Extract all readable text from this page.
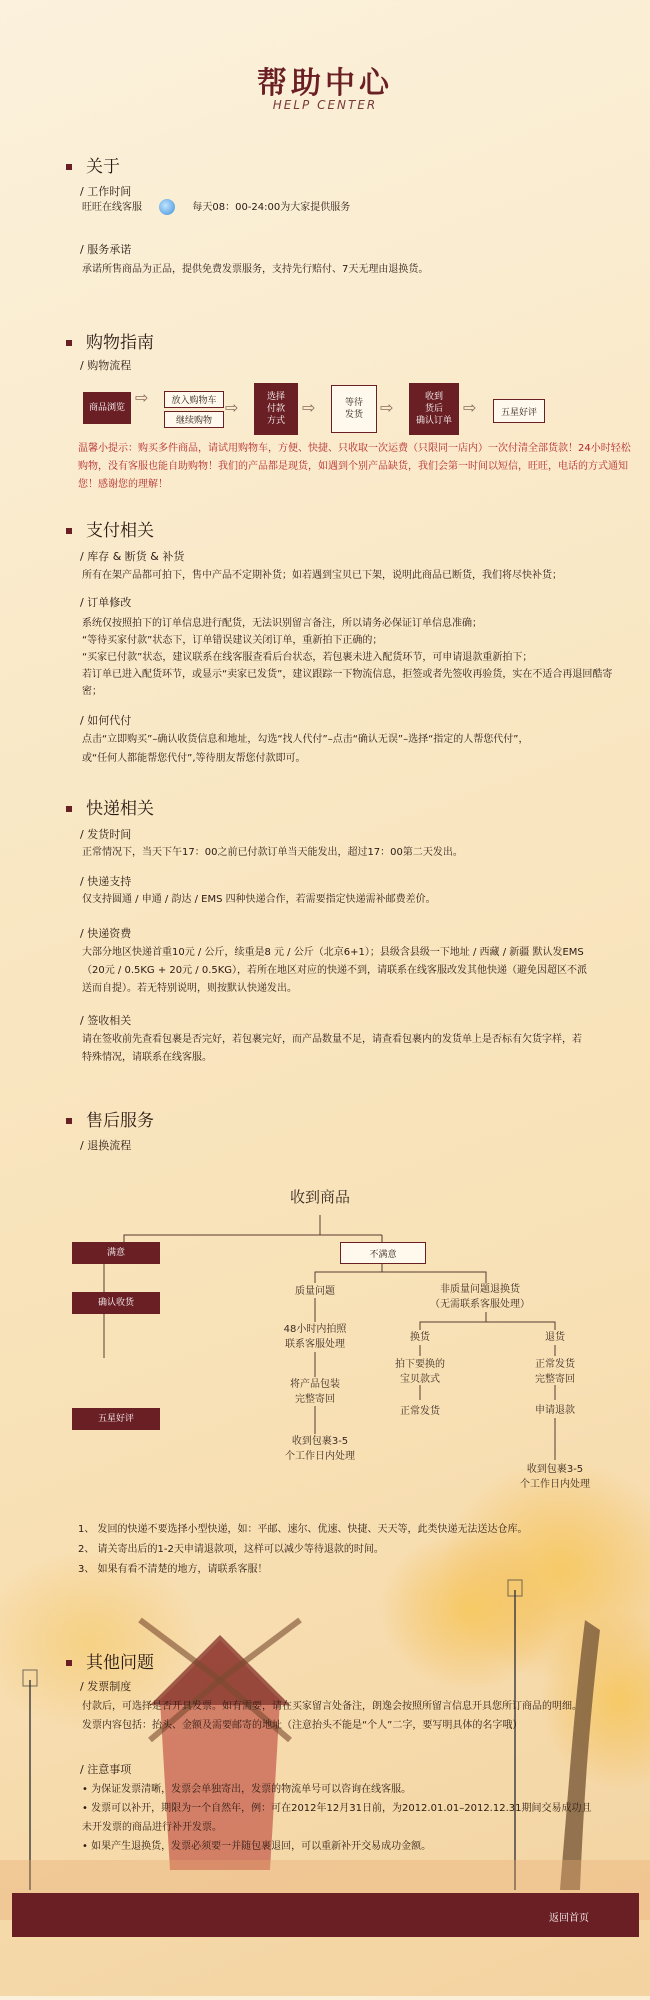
帮助中心
HELP CENTER
关于
/ 工作时间
旺旺在线客服	每天08：00-24:00为大家提供服务
/ 服务承诺
承诺所售商品为正品，提供免费发票服务，支持先行赔付、7天无理由退换货。
购物指南
/ 购物流程
商品浏览
⇨	放入购物车
继续购物
⇨
选择
付款
方式
⇨	等待
发货	⇨
收到
货后
确认订单
⇨	五星好评
温馨小提示：购买多件商品，请试用购物车，方便、快捷、只收取一次运费（只限同一店内）一次付清全部货款！24小时轻松购物，没有客服也能自助购物！我们的产品都是现货，如遇到个别产品缺货，我们会第一时间以短信，旺旺，电话的方式通知您！感谢您的理解！
支付相关
/ 库存 & 断货 & 补货
所有在架产品都可拍下，售中产品不定期补货；如若遇到宝贝已下架，说明此商品已断货，我们将尽快补货；
/ 订单修改
系统仅按照拍下的订单信息进行配货，无法识别留言备注，所以请务必保证订单信息准确；
“等待买家付款”状态下，订单错误建议关闭订单，重新拍下正确的；
“买家已付款”状态，建议联系在线客服查看后台状态，若包裹未进入配货环节，可申请退款重新拍下；
若订单已进入配货环节，或显示“卖家已发货”，建议跟踪一下物流信息，拒签或者先签收再验货，实在不适合再退回酷寄密；
/ 如何代付
点击“立即购买”–确认收货信息和地址，勾选“找人代付”–点击“确认无误”–选择“指定的人帮您代付”，
或“任何人都能帮您代付”,等待朋友帮您付款即可。
快递相关
/ 发货时间
正常情况下，当天下午17：00之前已付款订单当天能发出，超过17：00第二天发出。
/ 快递支持
仅支持圆通 / 申通 / 韵达 / EMS 四种快递合作，若需要指定快递需补邮费差价。
/ 快递资费
大部分地区快递首重10元 / 公斤，续重是8 元 / 公斤（北京6+1）；县级含县级一下地址 / 西藏 / 新疆 默认发EMS
（20元 / 0.5KG + 20元 / 0.5KG），若所在地区对应的快递不到，请联系在线客服改发其他快递（避免因超区不派
送而自提）。若无特别说明，则按默认快递发出。
/ 签收相关
请在签收前先查看包裹是否完好，若包裹完好，而产品数量不足，请查看包裹内的发货单上是否标有欠货字样，若
特殊情况，请联系在线客服。
售后服务
/ 退换流程
收到商品
满意
确认收货
五星好评
不满意
质量问题	非质量问题退换货
（无需联系客服处理）
48小时内拍照
联系客服处理
将产品包装
完整寄回
收到包裹3-5
个工作日内处理
换货	退货
拍下要换的
宝贝款式
正常发货
完整寄回
正常发货	申请退款
收到包裹3-5
个工作日内处理
1、 发回的快递不要选择小型快递，如：平邮、速尔、优速、快捷、天天等，此类快递无法送达仓库。
2、 请关寄出后的1-2天申请退款项，这样可以减少等待退款的时间。
3、 如果有看不清楚的地方，请联系客服！
其他问题
/ 发票制度
付款后，可选择是否开具发票。如有需要，请在买家留言处备注，朗逸会按照所留言信息开具您所订商品的明细。
发票内容包括：抬头、金额及需要邮寄的地址（注意抬头不能是“个人”二字，要写明具体的名字哦）
/ 注意事项
• 为保证发票清晰，发票会单独寄出，发票的物流单号可以咨询在线客服。
• 发票可以补开，期限为一个自然年，例：可在2012年12月31日前，为2012.01.01–2012.12.31期间交易成功且
未开发票的商品进行补开发票。
• 如果产生退换货，发票必须要一并随包裹退回，可以重新补开交易成功金额。
返回首页
